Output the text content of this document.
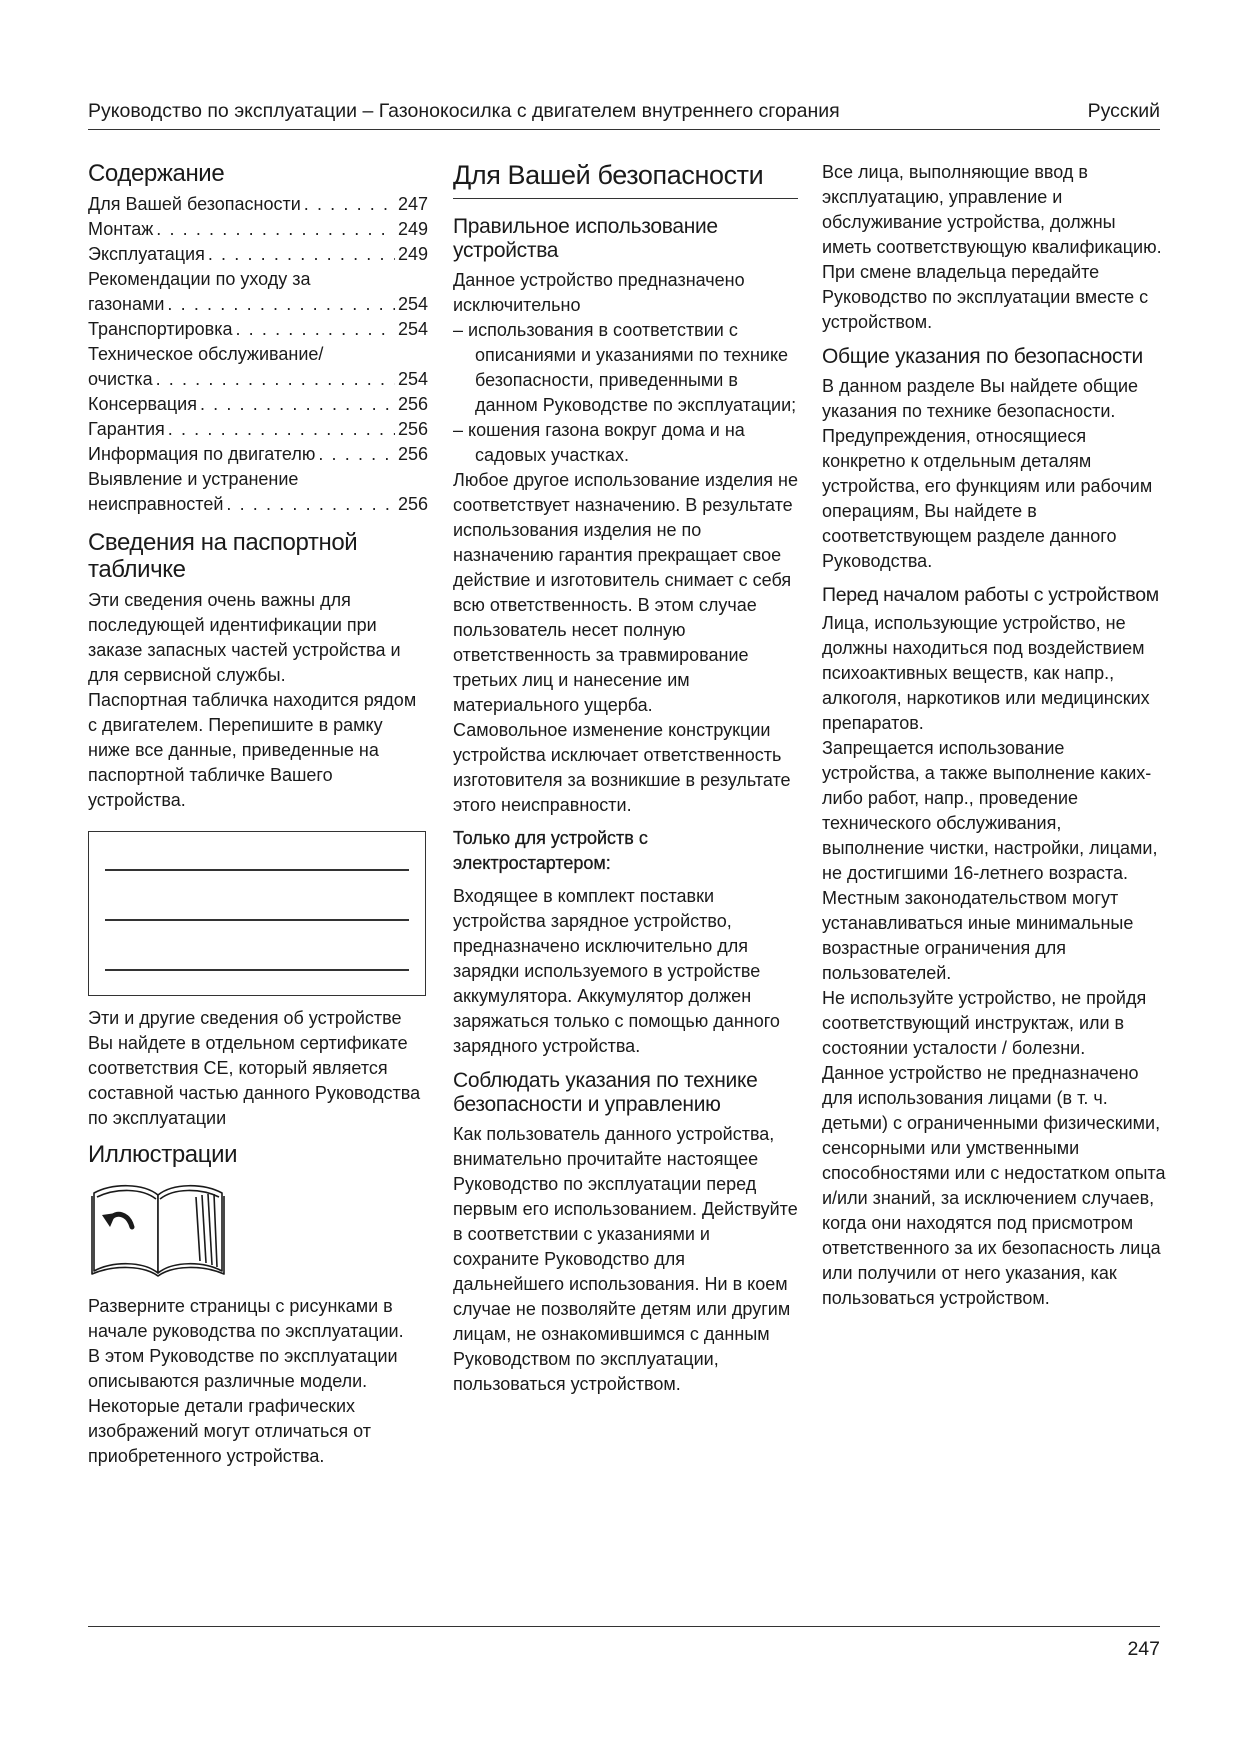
Руководство по эксплуатации – Газонокосилка с двигателем внутреннего сгорания	Русский
Содержание
Для Вашей безопасности . . .	247
Монтаж . . .	249
Эксплуатация . . .	249
Рекомендации по уходу за
газонами . . .	254
Транспортировка . . .	254
Техническое обслуживание/
очистка . . .	254
Консервация . . .	256
Гарантия . . .	256
Информация по двигателю . . .	256
Выявление и устранение
неисправностей . . .	256
Сведения на паспортной табличке

Эти сведения очень важны для последующей идентификации при заказе запасных частей устройства и для сервисной службы.

Паспортная табличка находится рядом с двигателем. Перепишите в рамку ниже все данные, приведенные на паспортной табличке Вашего устройства.

Эти и другие сведения об устройстве Вы найдете в отдельном сертификате соответствия СЕ, который является составной частью данного Руководства по эксплуатации

Иллюстрации

Разверните страницы с рисунками в начале руководства по эксплуатации.

В этом Руководстве по эксплуатации описываются различные модели. Некоторые детали графических изображений могут отличаться от приобретенного устройства.

Для Вашей безопасности
Правильное использование устройства

Данное устройство предназначено исключительно

– использования в соответствии с описаниями и указаниями по технике безопасности, приведенными в данном Руководстве по эксплуатации;
– кошения газона вокруг дома и на садовых участках.

Любое другое использование изделия не соответствует назначению. В результате использования изделия не по назначению гарантия прекращает свое действие и изготовитель снимает с себя всю ответственность. В этом случае пользователь несет полную ответственность за травмирование третьих лиц и нанесение им материального ущерба.

Самовольное изменение конструкции устройства исключает ответственность изготовителя за возникшие в результате этого неисправности.

Только для устройств с электростартером:

Входящее в комплект поставки устройства зарядное устройство, предназначено исключительно для зарядки используемого в устройстве аккумулятора. Аккумулятор должен заряжаться только с помощью данного зарядного устройства.

Соблюдать указания по технике безопасности и управлению

Как пользователь данного устройства, внимательно прочитайте настоящее Руководство по эксплуатации перед первым его использованием. Действуйте в соответствии с указаниями и сохраните Руководство для дальнейшего использования. Ни в коем случае не позволяйте детям или другим лицам, не ознакомившимся с данным Руководством по эксплуатации, пользоваться устройством.

Все лица, выполняющие ввод в эксплуатацию, управление и обслуживание устройства, должны иметь соответствующую квалификацию.

При смене владельца передайте Руководство по эксплуатации вместе с устройством.

Общие указания по безопасности

В данном разделе Вы найдете общие указания по технике безопасности. Предупреждения, относящиеся конкретно к отдельным деталям устройства, его функциям или рабочим операциям, Вы найдете в соответствующем разделе данного Руководства.

Перед началом работы с устройством

Лица, использующие устройство, не должны находиться под воздействием психоактивных веществ, как напр., алкоголя, наркотиков или медицинских препаратов.

Запрещается использование устройства, а также выполнение каких-либо работ, напр., проведение технического обслуживания, выполнение чистки, настройки, лицами, не достигшими 16-летнего возраста. Местным законодательством могут устанавливаться иные минимальные возрастные ограничения для пользователей.

Не используйте устройство, не пройдя соответствующий инструктаж, или в состоянии усталости / болезни.

Данное устройство не предназначено для использования лицами (в т. ч. детьми) с ограниченными физическими, сенсорными или умственными способностями или с недостатком опыта и/или знаний, за исключением случаев, когда они находятся под присмотром ответственного за их безопасность лица или получили от него указания, как пользоваться устройством.

247
